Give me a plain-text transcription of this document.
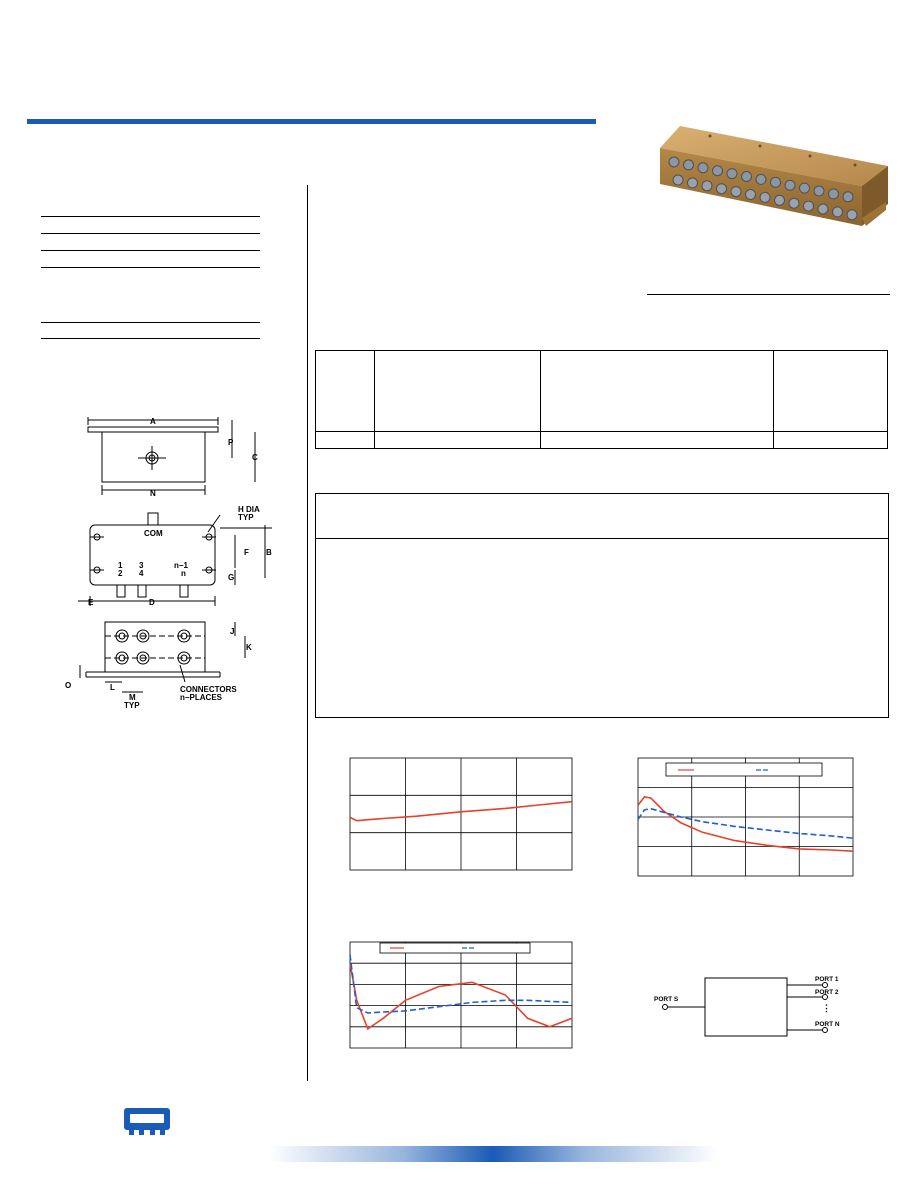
A
P
C
N
COM
H DIA
TYP
F
G
B
E	D
1
2
3
4
n−1
n
J
K
O	L
M
TYP
CONNECTORS
n−PLACES
PORT S
PORT 1
PORT 2
⋮
PORT N
